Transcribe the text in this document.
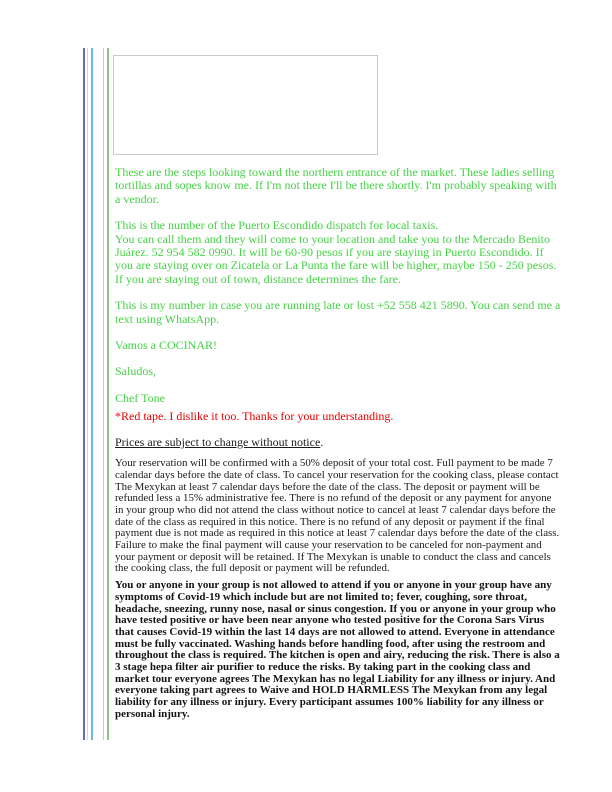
These are the steps looking toward the northern entrance of the market. These ladies selling tortillas and sopes know me. If I'm not there I'll be there shortly. I'm probably speaking with a vendor.

This is the number of the Puerto Escondido dispatch for local taxis.
You can call them and they will come to your location and take you to the Mercado Benito Juárez. 52 954 582 0990. It will be 60-90 pesos if you are staying in Puerto Escondido. If you are staying over on Zicatela or La Punta the fare will be higher, maybe 150 - 250 pesos. If you are staying out of town, distance determines the fare.

This is my number in case you are running late or lost +52 558 421 5890. You can send me a text using WhatsApp.

Vamos a COCINAR!

Saludos,

Chef Tone

*Red tape. I dislike it too. Thanks for your understanding.

Prices are subject to change without notice.

Your reservation will be confirmed with a 50% deposit of your total cost. Full payment to be made 7 calendar days before the date of class. To cancel your reservation for the cooking class, please contact The Mexykan at least 7 calendar days before the date of the class. The deposit or payment will be refunded less a 15% administrative fee. There is no refund of the deposit or any payment for anyone in your group who did not attend the class without notice to cancel at least 7 calendar days before the date of the class as required in this notice. There is no refund of any deposit or payment if the final payment due is not made as required in this notice at least 7 calendar days before the date of the class. Failure to make the final payment will cause your reservation to be canceled for non-payment and your payment or deposit will be retained. If The Mexykan is unable to conduct the class and cancels the cooking class, the full deposit or payment will be refunded.

You or anyone in your group is not allowed to attend if you or anyone in your group have any symptoms of Covid-19 which include but are not limited to; fever, coughing, sore throat, headache, sneezing, runny nose, nasal or sinus congestion. If you or anyone in your group who have tested positive or have been near anyone who tested positive for the Corona Sars Virus that causes Covid-19 within the last 14 days are not allowed to attend. Everyone in attendance must be fully vaccinated. Washing hands before handling food, after using the restroom and throughout the class is required. The kitchen is open and airy, reducing the risk. There is also a 3 stage hepa filter air purifier to reduce the risks. By taking part in the cooking class and market tour everyone agrees The Mexykan has no legal Liability for any illness or injury. And everyone taking part agrees to Waive and HOLD HARMLESS The Mexykan from any legal liability for any illness or injury. Every participant assumes 100% liability for any illness or personal injury.
